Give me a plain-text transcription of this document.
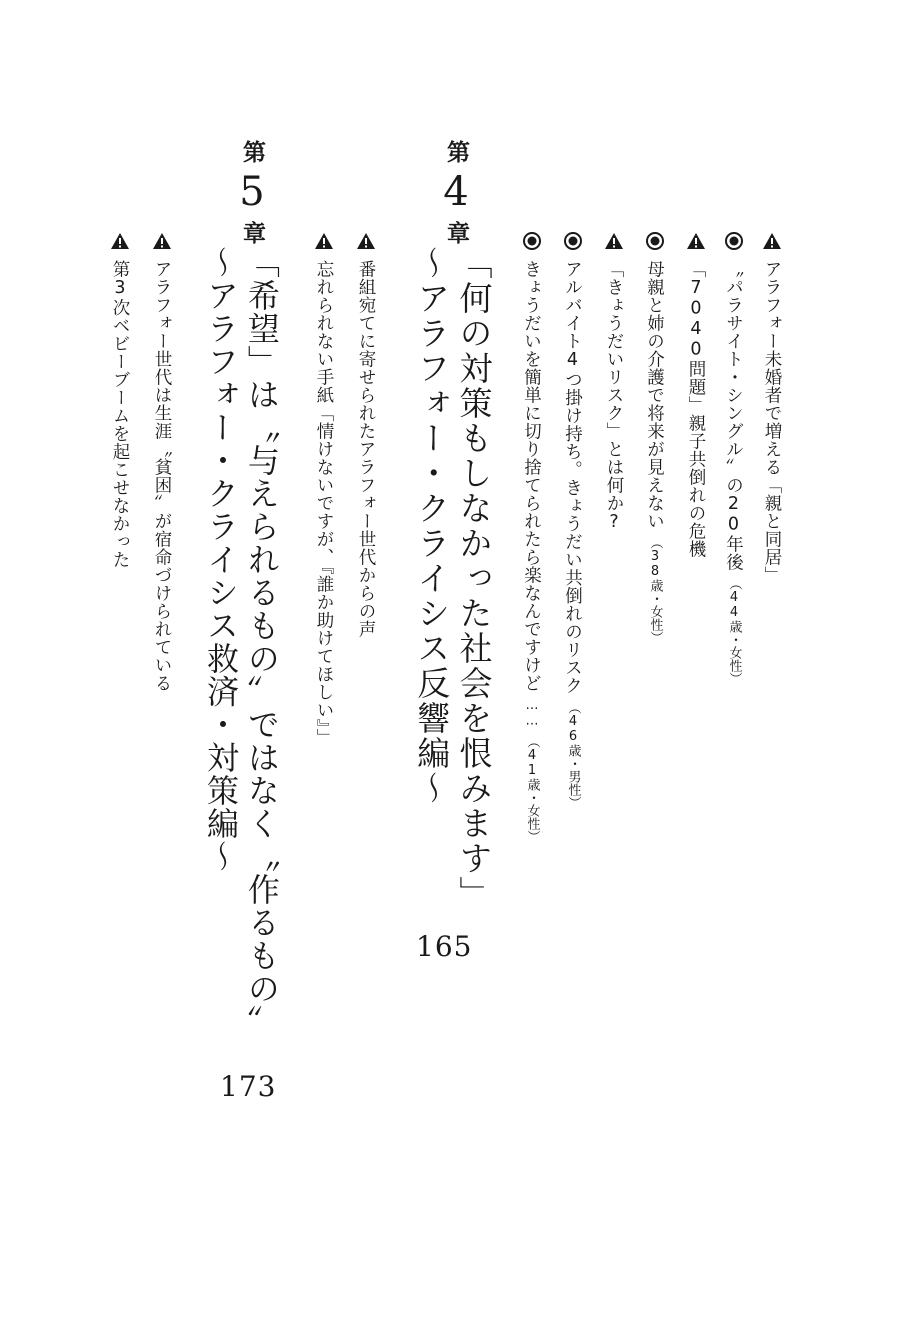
アラフォー未婚者で増える「親と同居」
〝パラサイト・シングル〟の20年後（44歳・女性）
「7040問題」親子共倒れの危機
母親と姉の介護で将来が見えない（38歳・女性）
「きょうだいリスク」とは何か?
アルバイト4つ掛け持ち。きょうだい共倒れのリスク（46歳・男性）
きょうだいを簡単に切り捨てられたら楽なんですけど……（41歳・女性）
第4章
「何の対策もしなかった社会を恨みます」
～アラフォー・クライシス反響編～
165
番組宛てに寄せられたアラフォー世代からの声
忘れられない手紙「情けないですが、『誰か助けてほしい』」
第5章
「希望」は〝与えられるもの〟ではなく〝作るもの〟
～アラフォー・クライシス救済・対策編～
173
アラフォー世代は生涯〝貧困〟が宿命づけられている
第3次ベビーブームを起こせなかった
